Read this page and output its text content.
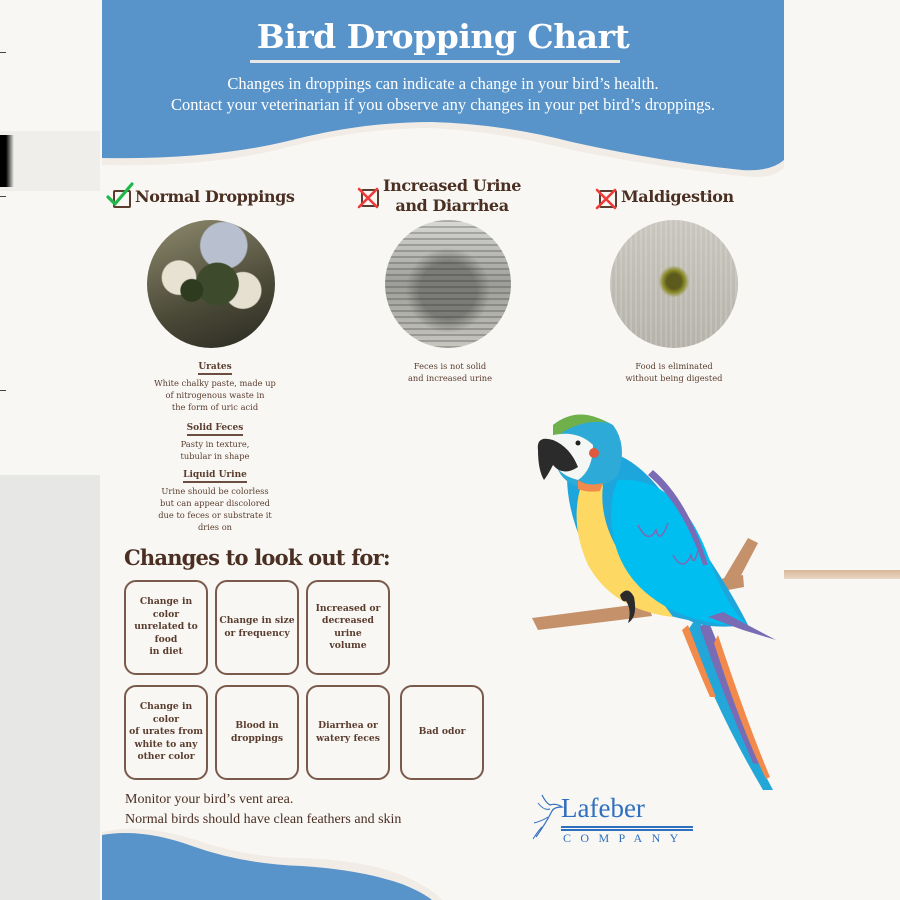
Bird Dropping Chart
Changes in droppings can indicate a change in your bird’s health.
Contact your veterinarian if you observe any changes in your pet bird’s droppings.
Normal Droppings
Increased Urine
and Diarrhea	Maldigestion
Urates
White chalky paste, made up
of nitrogenous waste in
the form of uric acid
Solid Feces
Pasty in texture,
tubular in shape
Liquid Urine
Urine should be colorless
but can appear discolored
due to feces or substrate it
dries on
Feces is not solid
and increased urine
Food is eliminated
without being digested
Changes to look out for:
Change in color
unrelated to food
in diet
Change in size
or frequency
Increased or
decreased urine
volume
Change in color
of urates from
white to any
other color
Blood in
droppings
Diarrhea or
watery feces
Bad odor
Monitor your bird’s vent area.
Normal birds should have clean feathers and skin	Lafeber
COMPANY
